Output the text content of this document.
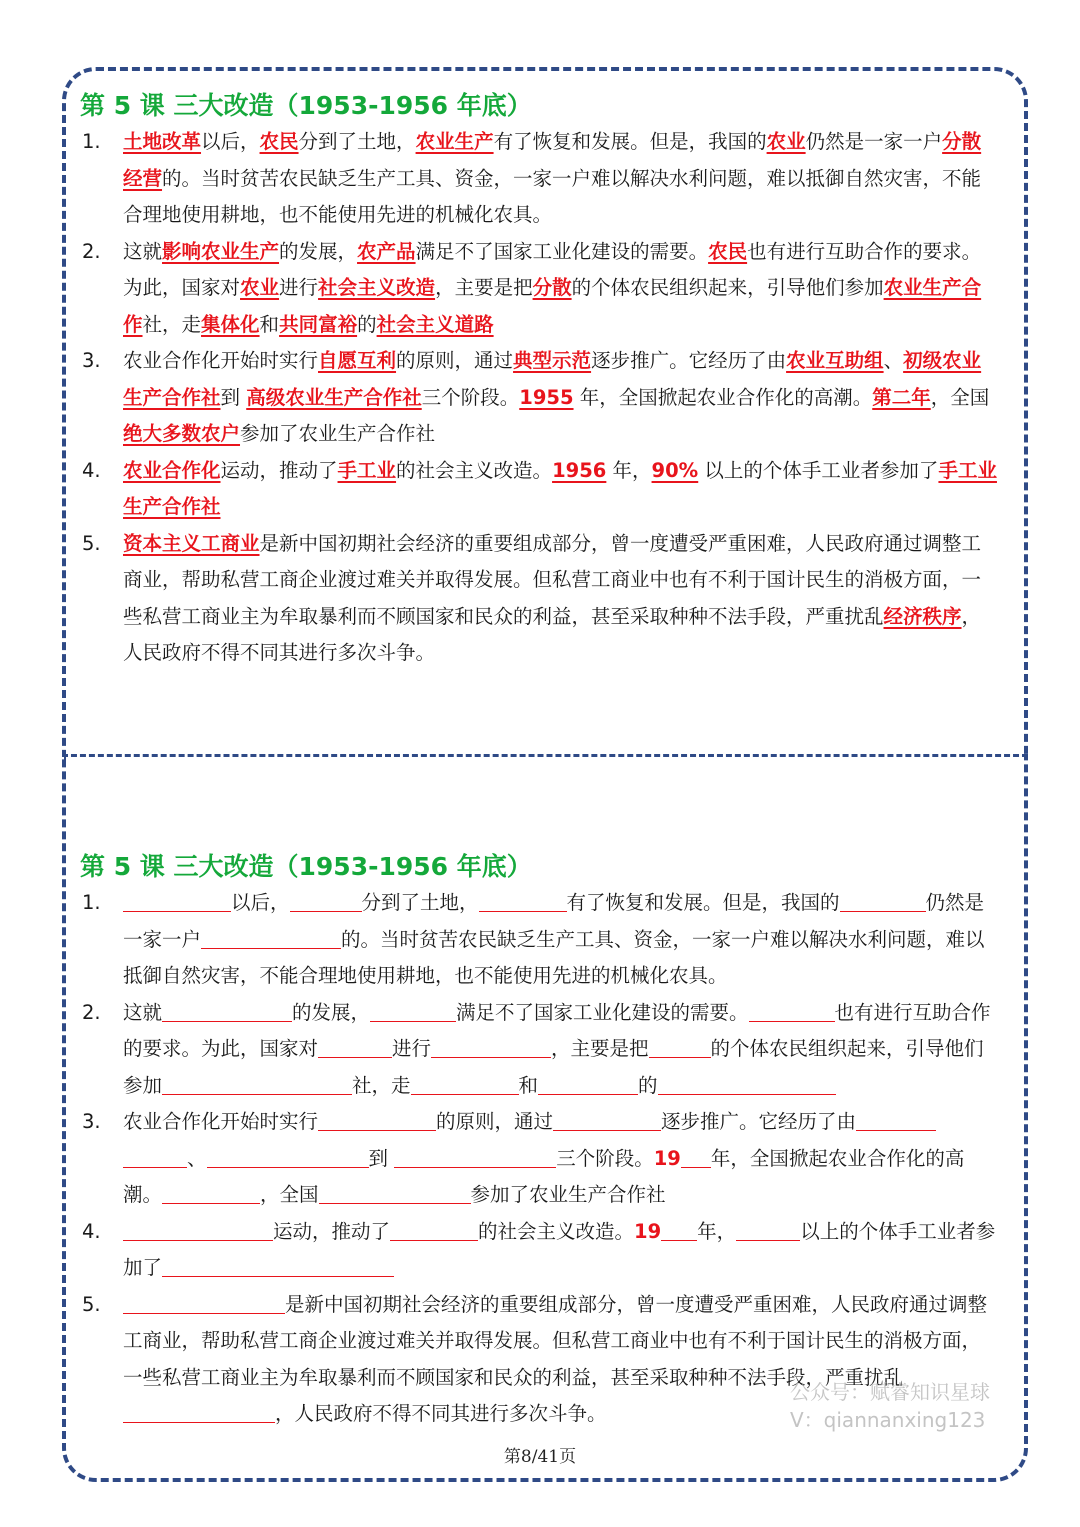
第 5 课 三大改造（1953-1956 年底）
1.	土地改革以后，农民分到了土地，农业生产有了恢复和发展。但是，我国的农业仍然是一家一户分散经营的。当时贫苦农民缺乏生产工具、资金，一家一户难以解决水利问题，难以抵御自然灾害，不能合理地使用耕地，也不能使用先进的机械化农具。
2.	这就影响农业生产的发展，农产品满足不了国家工业化建设的需要。农民也有进行互助合作的要求。为此，国家对农业进行社会主义改造，主要是把分散的个体农民组织起来，引导他们参加农业生产合作社，走集体化和共同富裕的社会主义道路
3.	农业合作化开始时实行自愿互利的原则，通过典型示范逐步推广。它经历了由农业互助组、初级农业生产合作社到 高级农业生产合作社三个阶段。1955 年，全国掀起农业合作化的高潮。第二年，全国绝大多数农户参加了农业生产合作社
4.	农业合作化运动，推动了手工业的社会主义改造。1956 年，90% 以上的个体手工业者参加了手工业生产合作社
5.	资本主义工商业是新中国初期社会经济的重要组成部分，曾一度遭受严重困难，人民政府通过调整工商业，帮助私营工商企业渡过难关并取得发展。但私营工商业中也有不利于国计民生的消极方面，一些私营工商业主为牟取暴利而不顾国家和民众的利益，甚至采取种种不法手段，严重扰乱经济秩序，人民政府不得不同其进行多次斗争。
第 5 课 三大改造（1953-1956 年底）
1.	以后，	分到了土地，	有了恢复和发展。但是，我国的	仍然是一家一户	的。当时贫苦农民缺乏生产工具、资金，一家一户难以解决水利问题，难以抵御自然灾害，不能合理地使用耕地，也不能使用先进的机械化农具。
2.	这就	的发展，	满足不了国家工业化建设的需要。	也有进行互助合作的要求。为此，国家对	进行	，主要是把	的个体农民组织起来，引导他们参加	社，走	和	的
3.	农业合作化开始时实行	的原则，通过	逐步推广。它经历了由、	到	三个阶段。19 年，全国掀起农业合作化的高潮。	，全国	参加了农业生产合作社
4.	运动，推动了	的社会主义改造。19 年，	以上的个体手工业者参加了
5.	是新中国初期社会经济的重要组成部分，曾一度遭受严重困难，人民政府通过调整工商业，帮助私营工商企业渡过难关并取得发展。但私营工商业中也有不利于国计民生的消极方面，一些私营工商业主为牟取暴利而不顾国家和民众的利益，甚至采取种种不法手段，严重扰乱，人民政府不得不同其进行多次斗争。
第8/41页
公众号：赋睿知识星球
V：qiannanxing123
